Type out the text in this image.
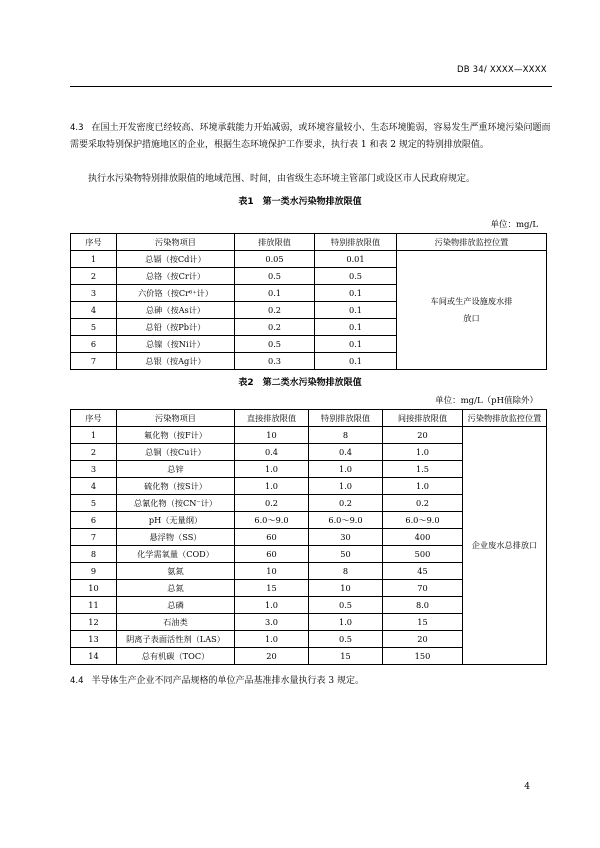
DB 34/ XXXX—XXXX
4.3 在国土开发密度已经较高、环境承载能力开始减弱，或环境容量较小、生态环境脆弱，容易发生严重环境污染问题而需要采取特别保护措施地区的企业，根据生态环境保护工作要求，执行表 1 和表 2 规定的特别排放限值。
执行水污染物特别排放限值的地域范围、时间，由省级生态环境主管部门或设区市人民政府规定。
表1　第一类水污染物排放限值
单位：mg/L
序号	污染物项目	排放限值	特别排放限值	污染物排放监控位置
1	总镉（按Cd计）	0.05	0.01	车间或生产设施废水排放口

2	总铬（按Cr计）	0.5	0.5	
3	六价铬（按Cr⁶⁺计）	0.1	0.1	
4	总砷（按As计）	0.2	0.1	
5	总铅（按Pb计）	0.2	0.1	
6	总镍（按Ni计）	0.5	0.1	
7	总银（按Ag计）	0.3	0.1	
表2　第二类水污染物排放限值
单位：mg/L（pH值除外）
序号	污染物项目	直接排放限值	特别排放限值	间接排放限值	污染物排放监控位置
1	氟化物（按F计）	10	8	20	企业废水总排放口
2	总铜（按Cu计）	0.4	0.4	1.0	
3	总锌	1.0	1.0	1.5	
4	硫化物（按S计）	1.0	1.0	1.0	
5	总氰化物（按CN⁻计）	0.2	0.2	0.2	
6	pH（无量纲）	6.0～9.0	6.0～9.0	6.0～9.0	
7	悬浮物（SS）	60	30	400	
8	化学需氧量（COD）	60	50	500	
9	氨氮	10	8	45	
10	总氮	15	10	70	
11	总磷	1.0	0.5	8.0	
12	石油类	3.0	1.0	15	
13	阴离子表面活性剂（LAS）	1.0	0.5	20	
14	总有机碳（TOC）	20	15	150	
4.4 半导体生产企业不同产品规格的单位产品基准排水量执行表 3 规定。
4
